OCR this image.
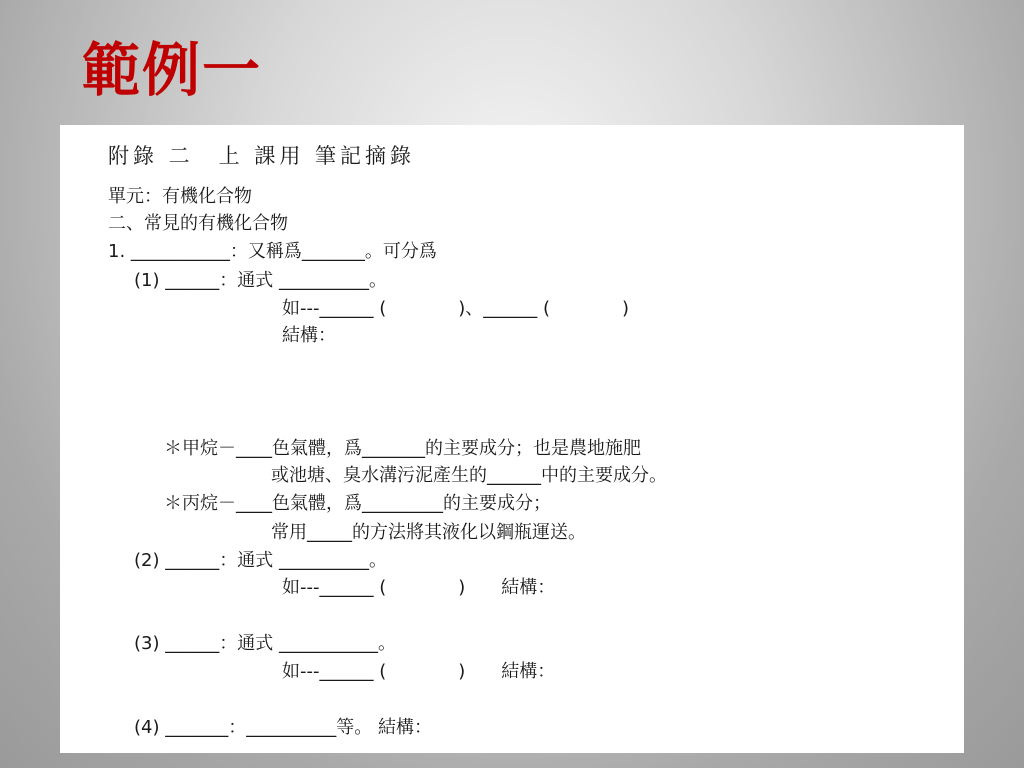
範例一
附錄 二　上 課用 筆記摘錄
單元：有機化合物
二、常見的有機化合物
1. ___________：又稱爲_______。可分爲
(1) ______：通式 __________。
如---______ (　　　　)、______ (　　　　)
結構：
＊甲烷－____色氣體，爲_______的主要成分；也是農地施肥
或池塘、臭水溝污泥產生的______中的主要成分。
＊丙烷－____色氣體，爲_________的主要成分；
常用_____的方法將其液化以鋼瓶運送。
(2) ______：通式 __________。
如---______ (　　　　)　　結構：
(3) ______：通式 ___________。
如---______ (　　　　)　　結構：
(4) _______：__________等。 結構：
